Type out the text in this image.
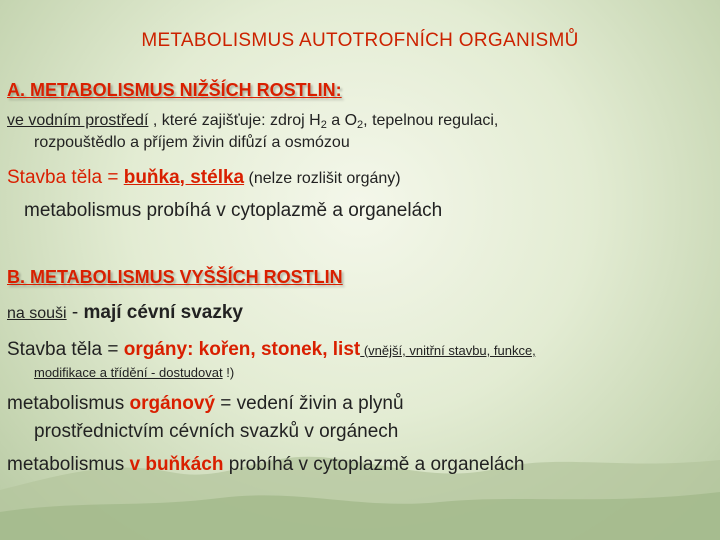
METABOLISMUS AUTOTROFNÍCH ORGANISMŮ
A. METABOLISMUS NIŽŠÍCH ROSTLIN:
ve vodním prostředí , které zajišťuje: zdroj $H_2$ a $O_2$, tepelnou regulaci,
rozpouštědlo a příjem živin difůzí a osmózou
Stavba těla = buňka, stélka (nelze rozlišit orgány)
metabolismus probíhá v cytoplazmě a organelách
B. METABOLISMUS VYŠŠÍCH ROSTLIN
na souši - mají cévní svazky
Stavba těla = orgány: kořen, stonek, list (vnější, vnitřní stavbu, funkce,
modifikace a třídění - dostudovat !)
metabolismus orgánový = vedení živin a plynů
prostřednictvím cévních svazků v orgánech
metabolismus v buňkách probíhá v cytoplazmě a organelách
